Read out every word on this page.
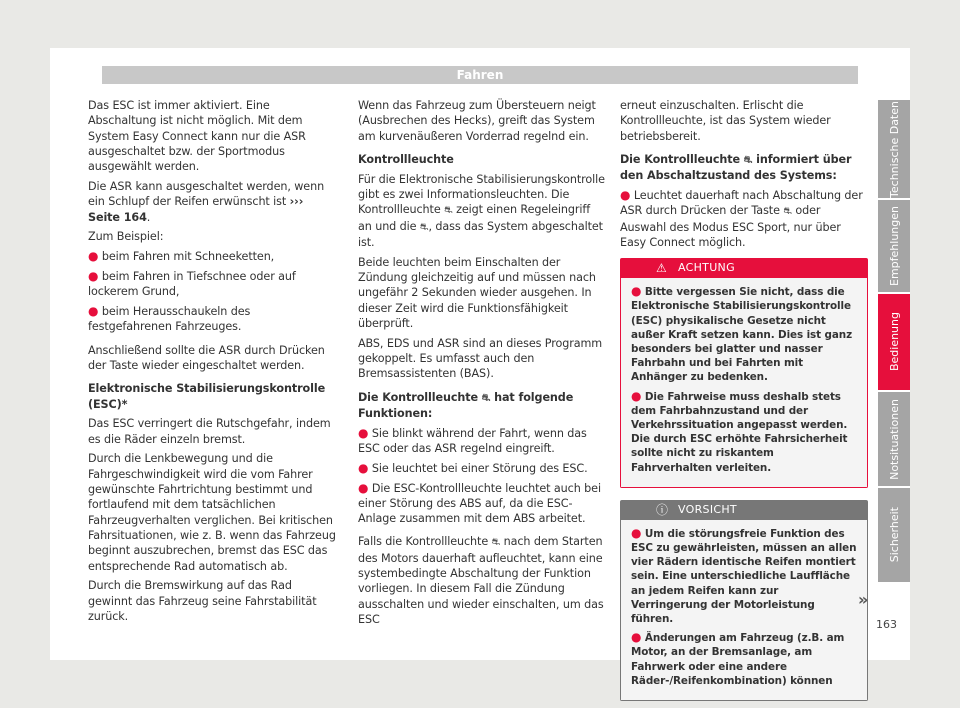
Fahren

Das ESC ist immer aktiviert. Eine Abschaltung ist nicht möglich. Mit dem System Easy Connect kann nur die ASR ausgeschaltet bzw. der Sportmodus ausgewählt werden.

Die ASR kann ausgeschaltet werden, wenn ein Schlupf der Reifen erwünscht ist ››› Seite 164.

Zum Beispiel:

● beim Fahren mit Schneeketten,

● beim Fahren in Tiefschnee oder auf lockerem Grund,

● beim Herausschaukeln des festgefahrenen Fahrzeuges.

Anschließend sollte die ASR durch Drücken der Taste wieder eingeschaltet werden.

Elektronische Stabilisierungskontrolle (ESC)*

Das ESC verringert die Rutschgefahr, indem es die Räder einzeln bremst.

Durch die Lenkbewegung und die Fahrgeschwindigkeit wird die vom Fahrer gewünschte Fahrtrichtung bestimmt und fortlaufend mit dem tatsächlichen Fahrzeugverhalten verglichen. Bei kritischen Fahrsituationen, wie z. B. wenn das Fahrzeug beginnt auszubrechen, bremst das ESC das entsprechende Rad automatisch ab.

Durch die Bremswirkung auf das Rad gewinnt das Fahrzeug seine Fahrstabilität zurück.

Wenn das Fahrzeug zum Übersteuern neigt (Ausbrechen des Hecks), greift das System am kurvenäußeren Vorderrad regelnd ein.

Kontrollleuchte

Für die Elektronische Stabilisierungskontrolle gibt es zwei Informationsleuchten. Die Kontrollleuchte ⛐ zeigt einen Regeleingriff an und die ⛐, dass das System abgeschaltet ist.

Beide leuchten beim Einschalten der Zündung gleichzeitig auf und müssen nach ungefähr 2 Sekunden wieder ausgehen. In dieser Zeit wird die Funktionsfähigkeit überprüft.

ABS, EDS und ASR sind an dieses Programm gekoppelt. Es umfasst auch den Bremsassistenten (BAS).

Die Kontrollleuchte ⛐ hat folgende Funktionen:

● Sie blinkt während der Fahrt, wenn das ESC oder das ASR regelnd eingreift.

● Sie leuchtet bei einer Störung des ESC.

● Die ESC-Kontrollleuchte leuchtet auch bei einer Störung des ABS auf, da die ESC-Anlage zusammen mit dem ABS arbeitet.

Falls die Kontrollleuchte ⛐ nach dem Starten des Motors dauerhaft aufleuchtet, kann eine systembedingte Abschaltung der Funktion vorliegen. In diesem Fall die Zündung ausschalten und wieder einschalten, um das ESC

erneut einzuschalten. Erlischt die Kontrollleuchte, ist das System wieder betriebsbereit.

Die Kontrollleuchte ⛐ informiert über den Abschaltzustand des Systems:

● Leuchtet dauerhaft nach Abschaltung der ASR durch Drücken der Taste ⛐ oder Auswahl des Modus ESC Sport, nur über Easy Connect möglich.

⚠ ACHTUNG

● Bitte vergessen Sie nicht, dass die Elektronische Stabilisierungskontrolle (ESC) physikalische Gesetze nicht außer Kraft setzen kann. Dies ist ganz besonders bei glatter und nasser Fahrbahn und bei Fahrten mit Anhänger zu bedenken.

● Die Fahrweise muss deshalb stets dem Fahrbahnzustand und der Verkehrssituation angepasst werden. Die durch ESC erhöhte Fahrsicherheit sollte nicht zu riskantem Fahrverhalten verleiten.

ⓘ VORSICHT

● Um die störungsfreie Funktion des ESC zu gewährleisten, müssen an allen vier Rädern identische Reifen montiert sein. Eine unterschiedliche Lauffläche an jedem Reifen kann zur Verringerung der Motorleistung führen.

● Änderungen am Fahrzeug (z.B. am Motor, an der Bremsanlage, am Fahrwerk oder eine andere Räder-/Reifenkombination) können

»
163
Technische Daten
Empfehlungen
Bedienung
Notsituationen
Sicherheit
